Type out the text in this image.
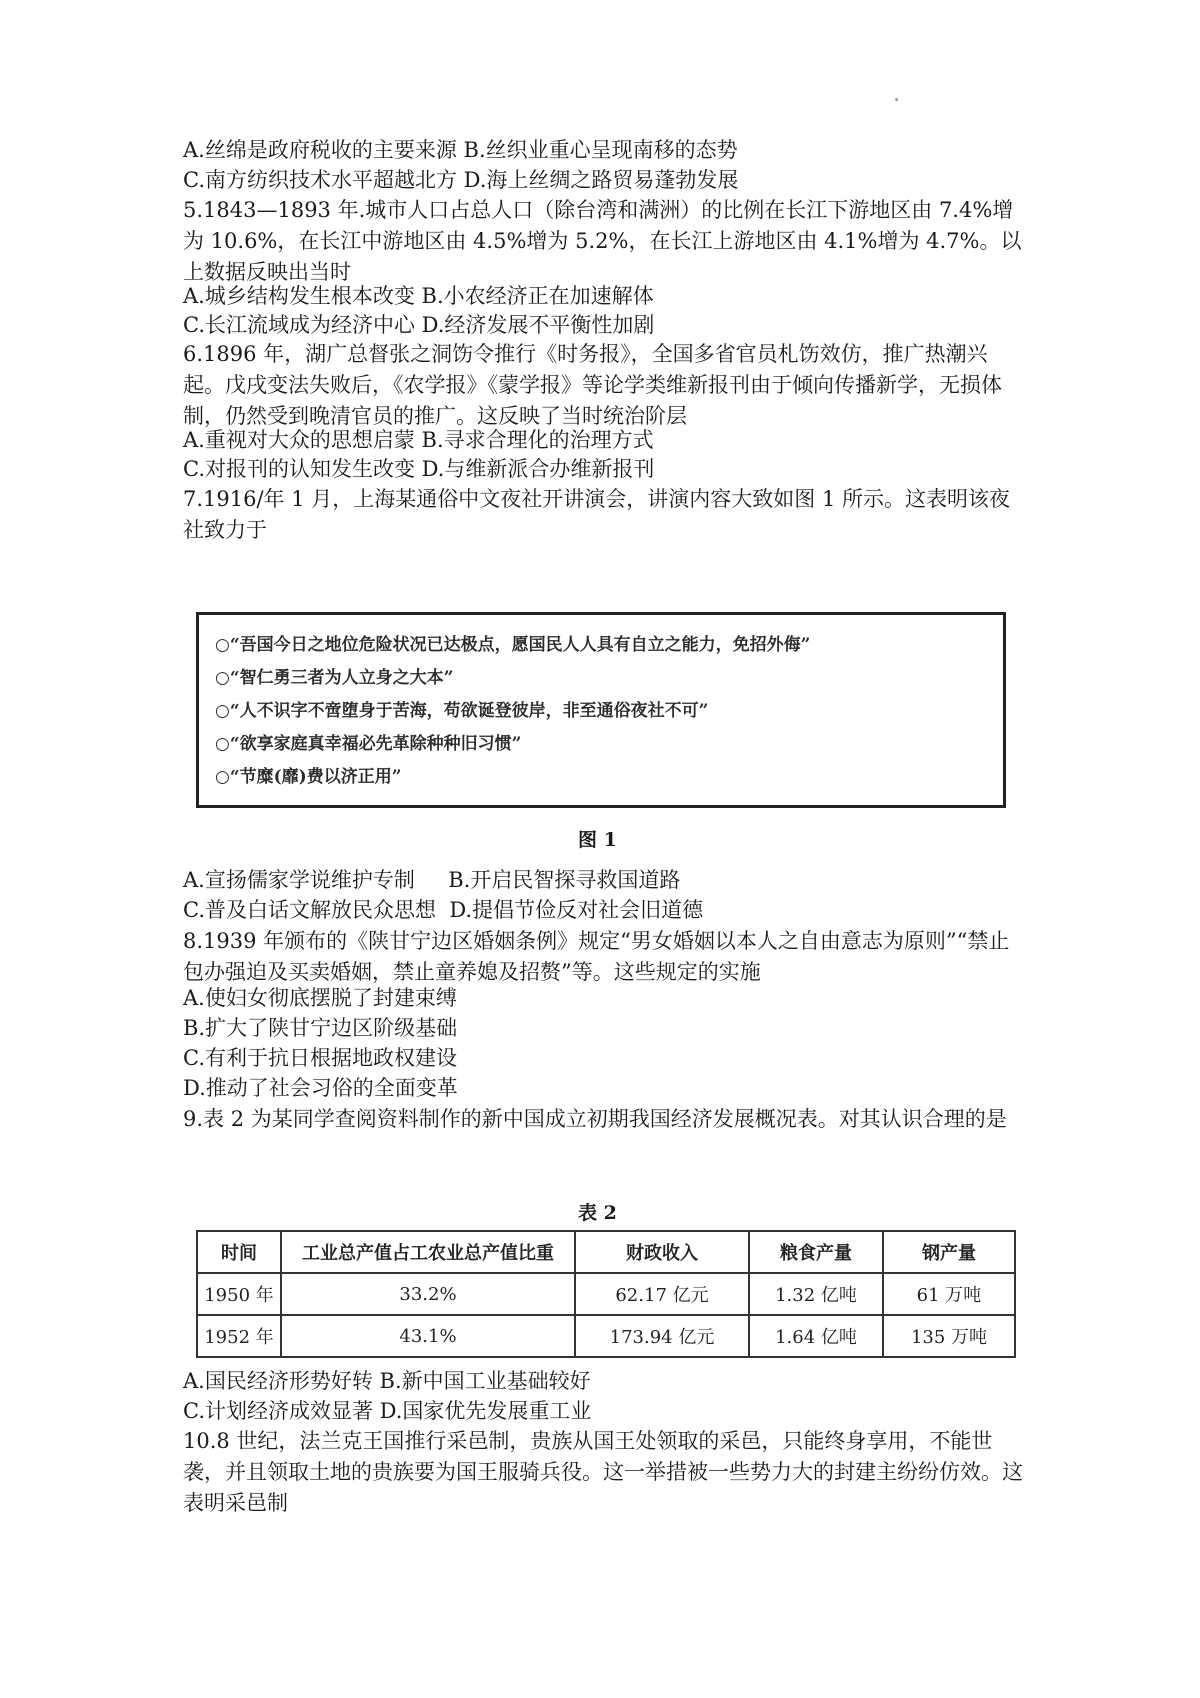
A.丝绵是政府税收的主要来源 B.丝织业重心呈现南移的态势
C.南方纺织技术水平超越北方 D.海上丝绸之路贸易蓬勃发展
5.1843—1893 年.城市人口占总人口（除台湾和满洲）的比例在长江下游地区由 7.4%增为 10.6%，在长江中游地区由 4.5%增为 5.2%，在长江上游地区由 4.1%增为 4.7%。以上数据反映出当时
A.城乡结构发生根本改变 B.小农经济正在加速解体
C.长江流域成为经济中心 D.经济发展不平衡性加剧
6.1896 年，湖广总督张之洞饬令推行《时务报》，全国多省官员札饬效仿，推广热潮兴起。戊戌变法失败后，《农学报》《蒙学报》等论学类维新报刊由于倾向传播新学，无损体制，仍然受到晚清官员的推广。这反映了当时统治阶层
A.重视对大众的思想启蒙 B.寻求合理化的治理方式
C.对报刊的认知发生改变 D.与维新派合办维新报刊
7.1916/年 1 月，上海某通俗中文夜社开讲演会，讲演内容大致如图 1 所示。这表明该夜社致力于
○“吾国今日之地位危险状况已达极点，愿国民人人具有自立之能力，免招外侮”
○“智仁勇三者为人立身之大本”
○“人不识字不啻堕身于苦海，苟欲诞登彼岸，非至通俗夜社不可”
○“欲享家庭真幸福必先革除种种旧习惯”
○“节糜(靡)费以济正用”
图 1
A.宣扬儒家学说维护专制     B.开启民智探寻救国道路
C.普及白话文解放民众思想  D.提倡节俭反对社会旧道德
8.1939 年颁布的《陕甘宁边区婚姻条例》规定“男女婚姻以本人之自由意志为原则”“禁止包办强迫及买卖婚姻，禁止童养媳及招赘”等。这些规定的实施
A.使妇女彻底摆脱了封建束缚
B.扩大了陕甘宁边区阶级基础
C.有利于抗日根据地政权建设
D.推动了社会习俗的全面变革
9.表 2 为某同学查阅资料制作的新中国成立初期我国经济发展概况表。对其认识合理的是
表 2
时间	工业总产值占工农业总产值比重	财政收入	粮食产量	钢产量
1950 年	33.2%	62.17 亿元	1.32 亿吨	61 万吨
1952 年	43.1%	173.94 亿元	1.64 亿吨	135 万吨
A.国民经济形势好转 B.新中国工业基础较好
C.计划经济成效显著 D.国家优先发展重工业
10.8 世纪，法兰克王国推行采邑制，贵族从国王处领取的采邑，只能终身享用，不能世袭，并且领取土地的贵族要为国王服骑兵役。这一举措被一些势力大的封建主纷纷仿效。这表明采邑制
